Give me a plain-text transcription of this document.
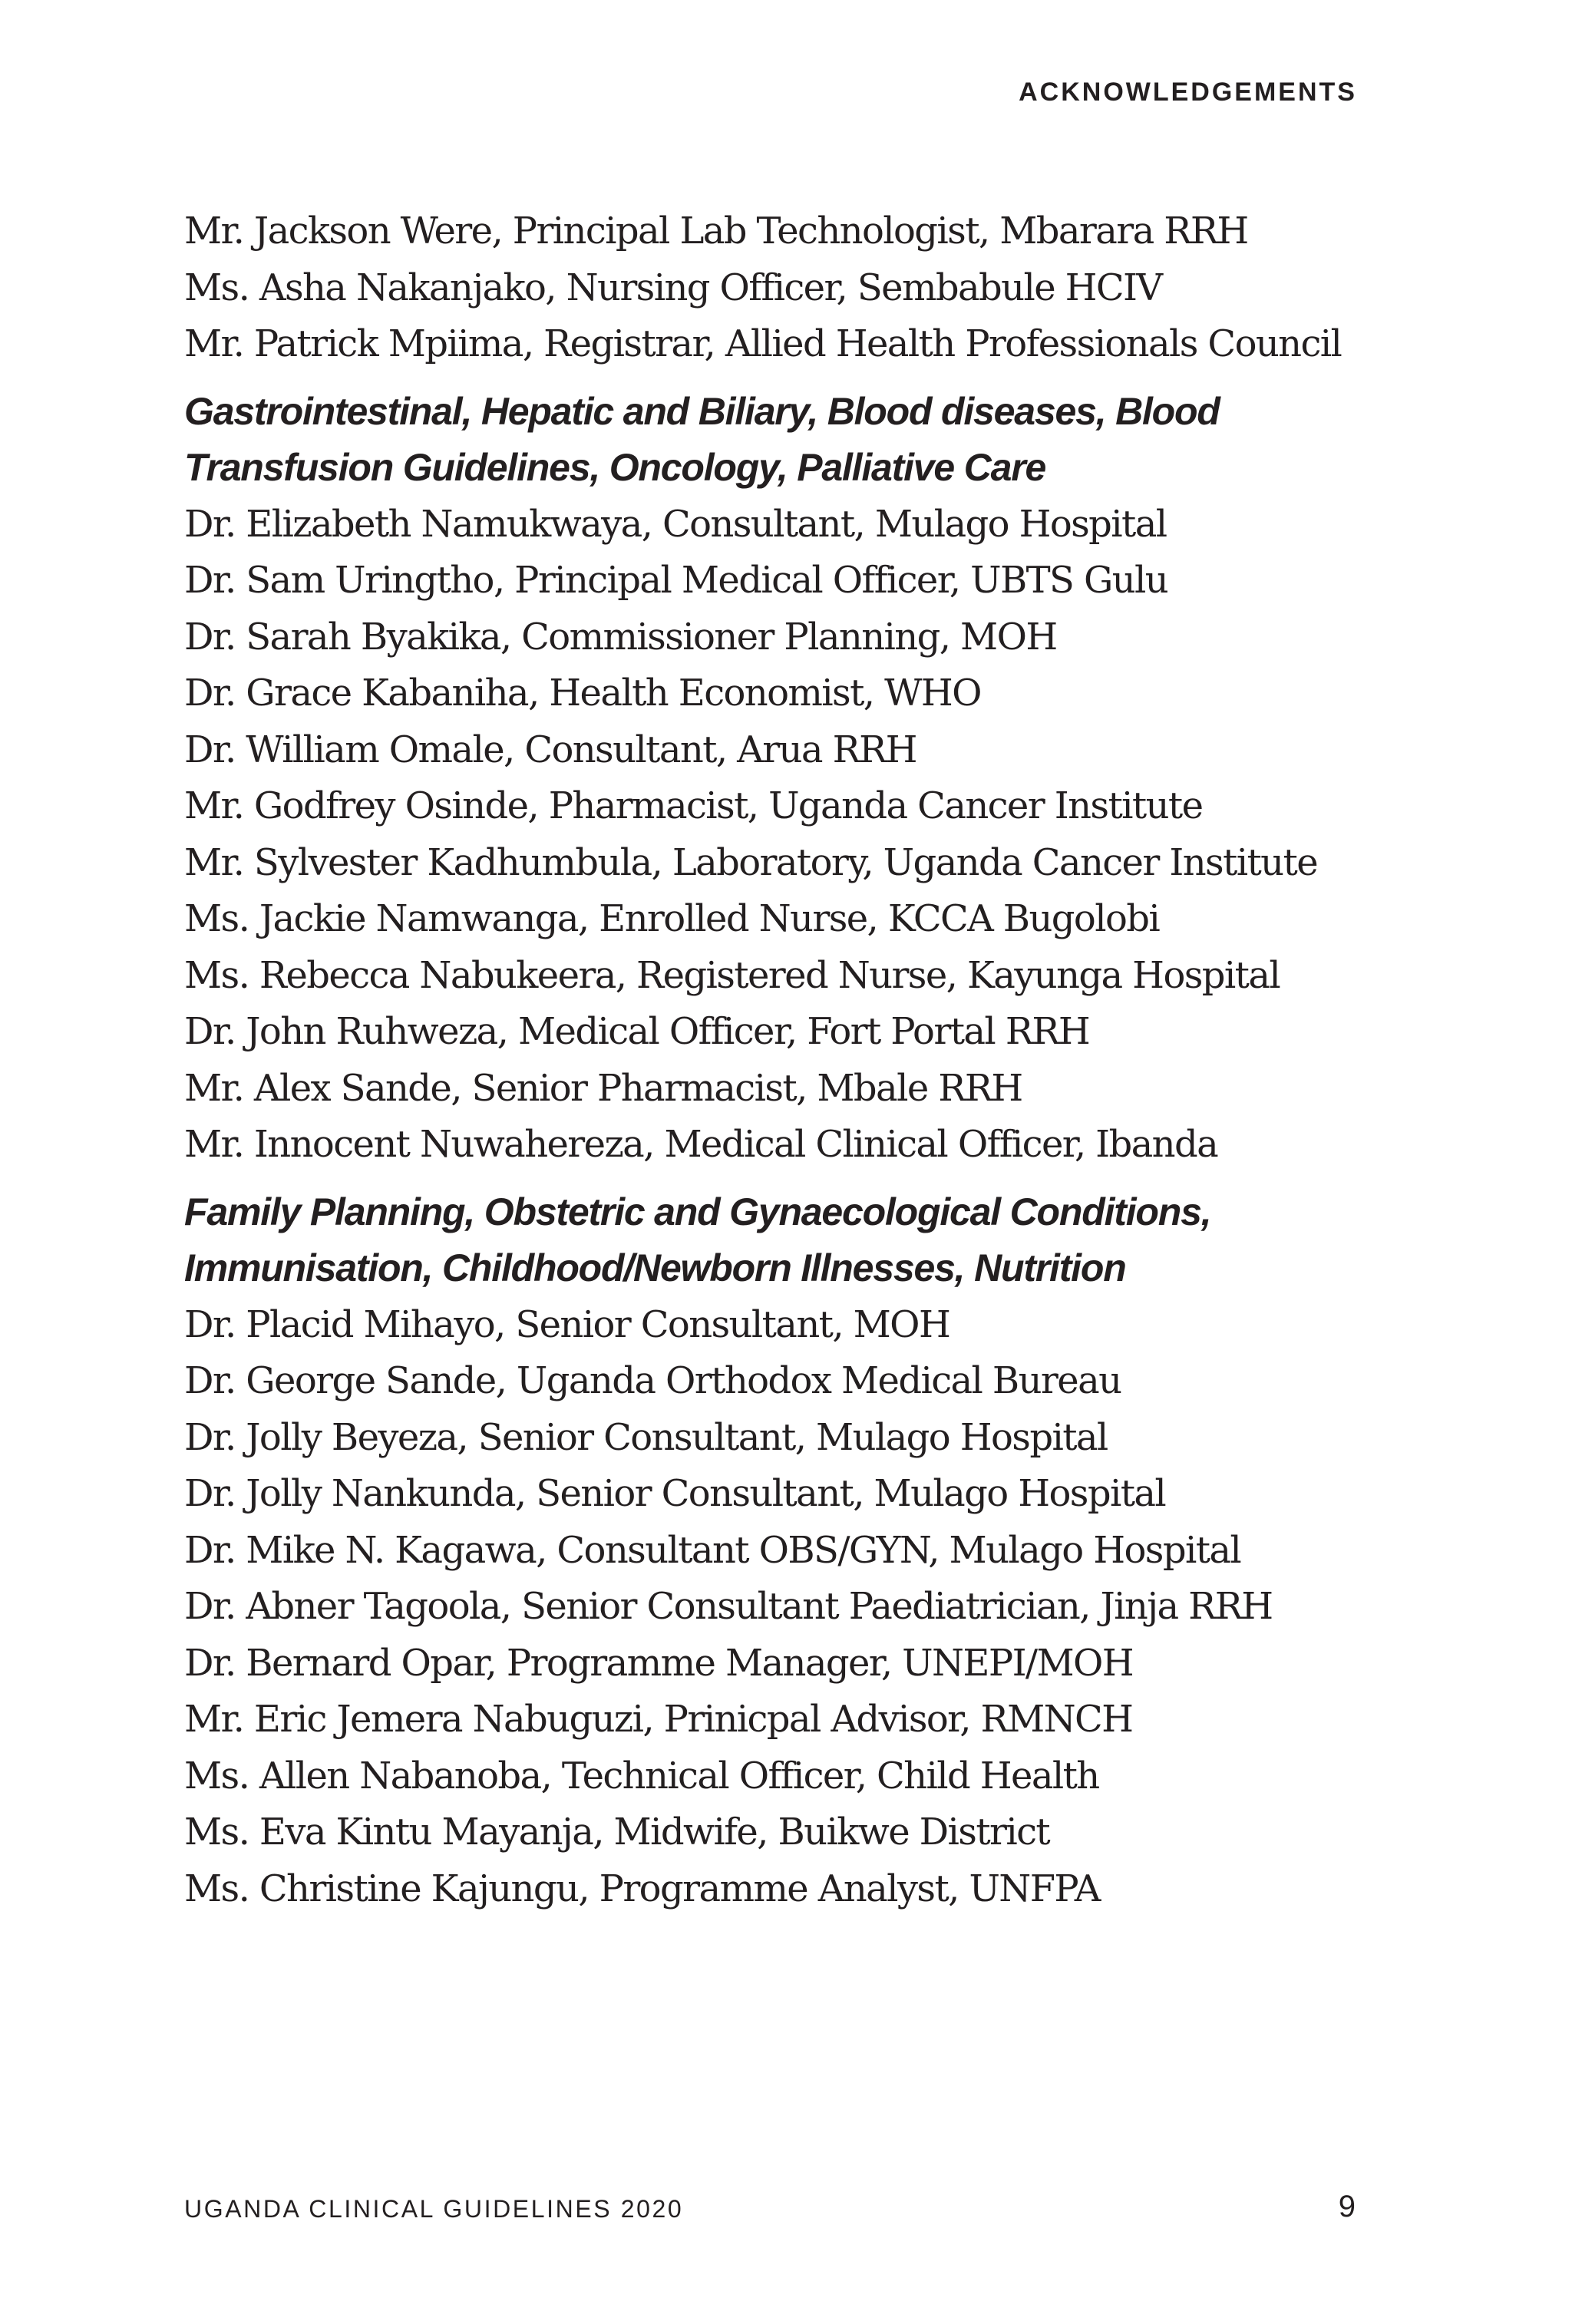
ACKNOWLEDGEMENTS
Mr. Jackson Were, Principal Lab Technologist, Mbarara RRH
Ms. Asha Nakanjako, Nursing Officer, Sembabule HCIV
Mr. Patrick Mpiima, Registrar, Allied Health Professionals Council
Gastrointestinal, Hepatic and Biliary, Blood diseases, Blood
Transfusion Guidelines, Oncology, Palliative Care
Dr. Elizabeth Namukwaya, Consultant, Mulago Hospital
Dr. Sam Uringtho, Principal Medical Officer, UBTS Gulu
Dr. Sarah Byakika, Commissioner Planning, MOH
Dr. Grace Kabaniha, Health Economist, WHO
Dr. William Omale, Consultant, Arua RRH
Mr. Godfrey Osinde, Pharmacist, Uganda Cancer Institute
Mr. Sylvester Kadhumbula, Laboratory, Uganda Cancer Institute
Ms. Jackie Namwanga, Enrolled Nurse, KCCA Bugolobi
Ms. Rebecca Nabukeera, Registered Nurse, Kayunga Hospital
Dr. John Ruhweza, Medical Officer, Fort Portal RRH
Mr. Alex Sande, Senior Pharmacist, Mbale RRH
Mr. Innocent Nuwahereza, Medical Clinical Officer, Ibanda
Family Planning, Obstetric and Gynaecological Conditions,
Immunisation, Childhood/Newborn Illnesses, Nutrition
Dr. Placid Mihayo, Senior Consultant, MOH
Dr. George Sande, Uganda Orthodox Medical Bureau
Dr. Jolly Beyeza, Senior Consultant, Mulago Hospital
Dr. Jolly Nankunda, Senior Consultant, Mulago Hospital
Dr. Mike N. Kagawa, Consultant OBS/GYN, Mulago Hospital
Dr. Abner Tagoola, Senior Consultant Paediatrician, Jinja RRH
Dr. Bernard Opar, Programme Manager, UNEPI/MOH
Mr. Eric Jemera Nabuguzi, Prinicpal Advisor, RMNCH
Ms. Allen Nabanoba, Technical Officer, Child Health
Ms. Eva Kintu Mayanja, Midwife, Buikwe District
Ms. Christine Kajungu, Programme Analyst, UNFPA
UGANDA CLINICAL GUIDELINES 2020	9
